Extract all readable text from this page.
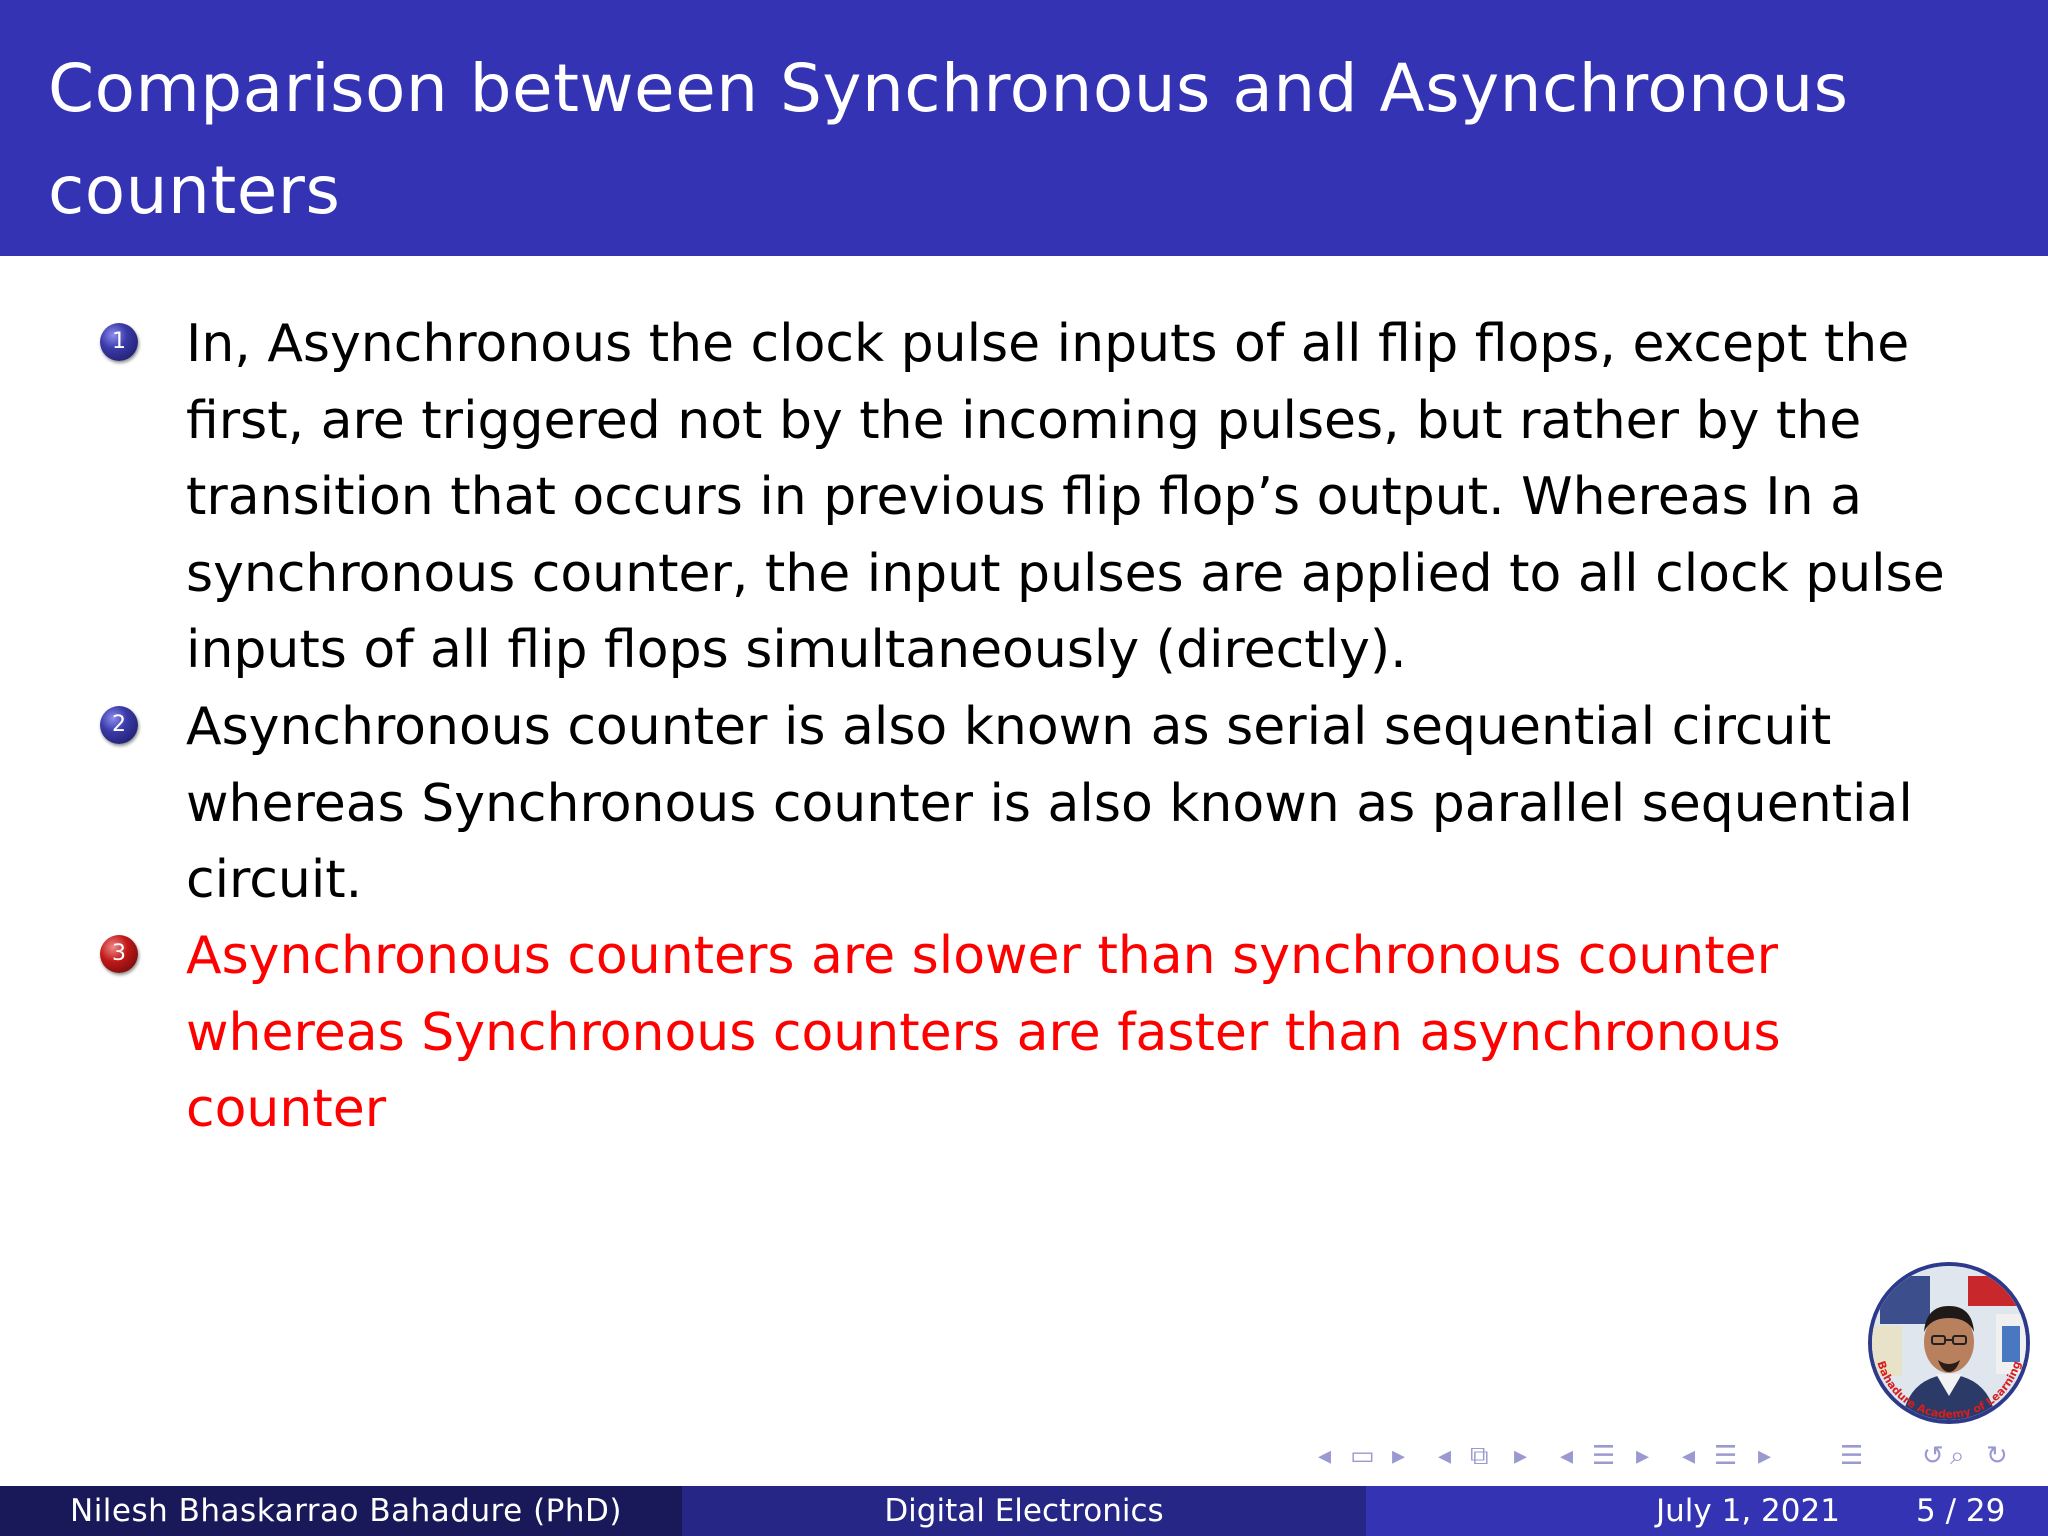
Comparison between Synchronous and Asynchronous counters
1 In, Asynchronous the clock pulse inputs of all flip flops, except the first, are triggered not by the incoming pulses, but rather by the transition that occurs in previous flip flop’s output. Whereas In a synchronous counter, the input pulses are applied to all clock pulse inputs of all flip flops simultaneously (directly).
2 Asynchronous counter is also known as serial sequential circuit whereas Synchronous counter is also known as parallel sequential circuit.
3 Asynchronous counters are slower than synchronous counter whereas Synchronous counters are faster than asynchronous counter
Bahadure Academy of Learning
◂ ▭ ▸ ◂ ⧉ ▸ ◂ ☰ ▸ ◂ ☰ ▸	☰ ↺ ⌕ ↻
Nilesh Bhaskarrao Bahadure (PhD)	Digital Electronics	July 1, 2021 5 / 29
